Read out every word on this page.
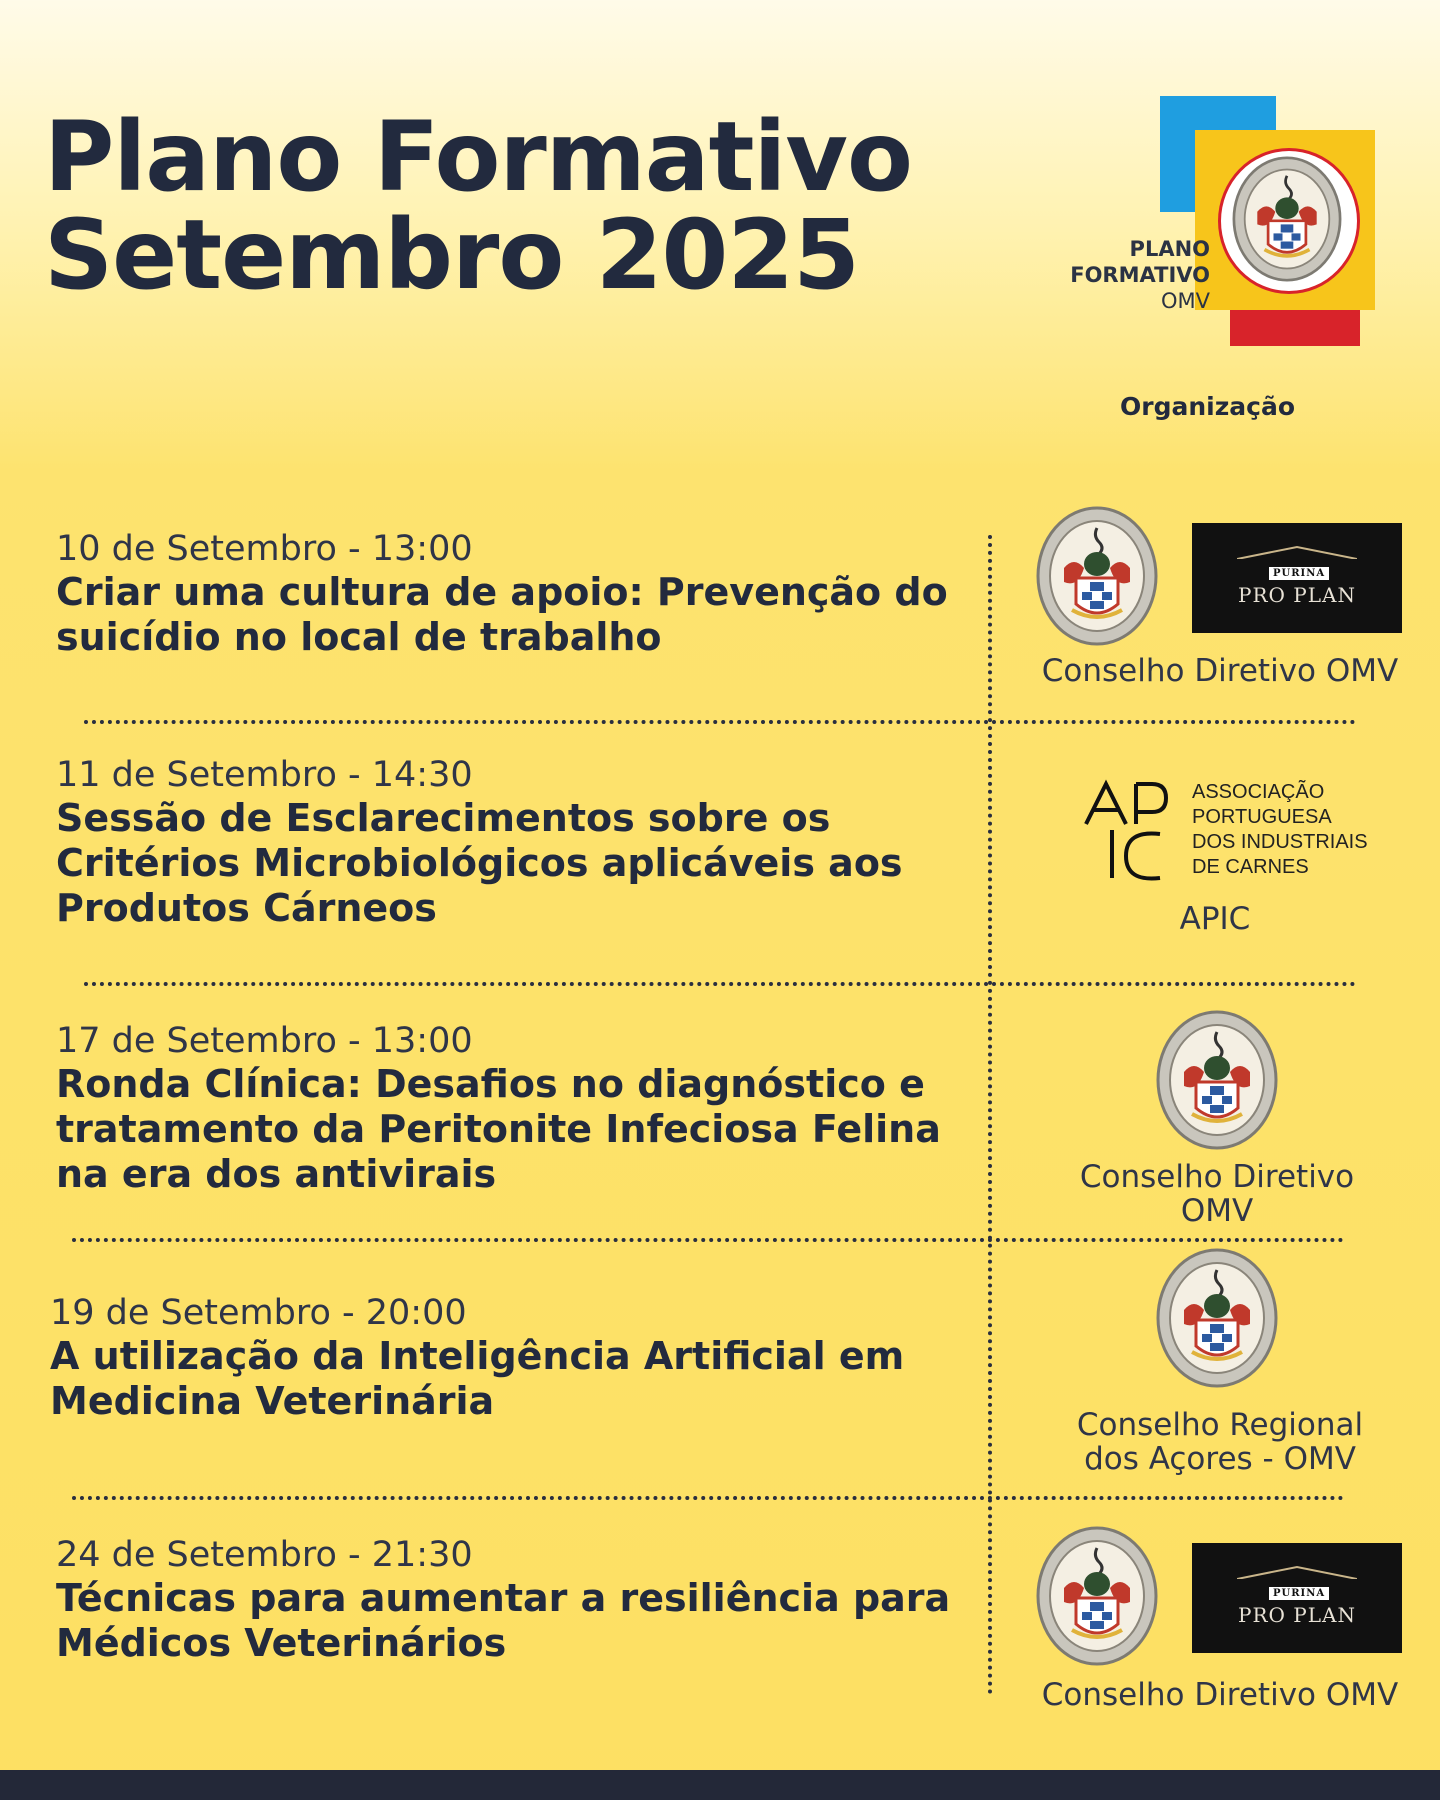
Plano Formativo
Setembro 2025	PLANO
FORMATIVO
OMV

Organização

10 de Setembro - 13:00

Criar uma cultura de apoio: Prevenção do suicídio no local de trabalho

PURINA
PRO PLAN

Conselho Diretivo OMV

11 de Setembro - 14:30

Sessão de Esclarecimentos sobre os Critérios Microbiológicos aplicáveis aos Produtos Cárneos

ASSOCIAÇÃO
PORTUGUESA
DOS INDUSTRIAIS
DE CARNES

APIC

17 de Setembro - 13:00

Ronda Clínica: Desafios no diagnóstico e tratamento da Peritonite Infeciosa Felina na era dos antivirais	Conselho Diretivo OMV

19 de Setembro - 20:00

A utilização da Inteligência Artificial em Medicina Veterinária

Conselho Regional dos Açores - OMV

24 de Setembro - 21:30

Técnicas para aumentar a resiliência para Médicos Veterinários

PURINA
PRO PLAN

Conselho Diretivo OMV
